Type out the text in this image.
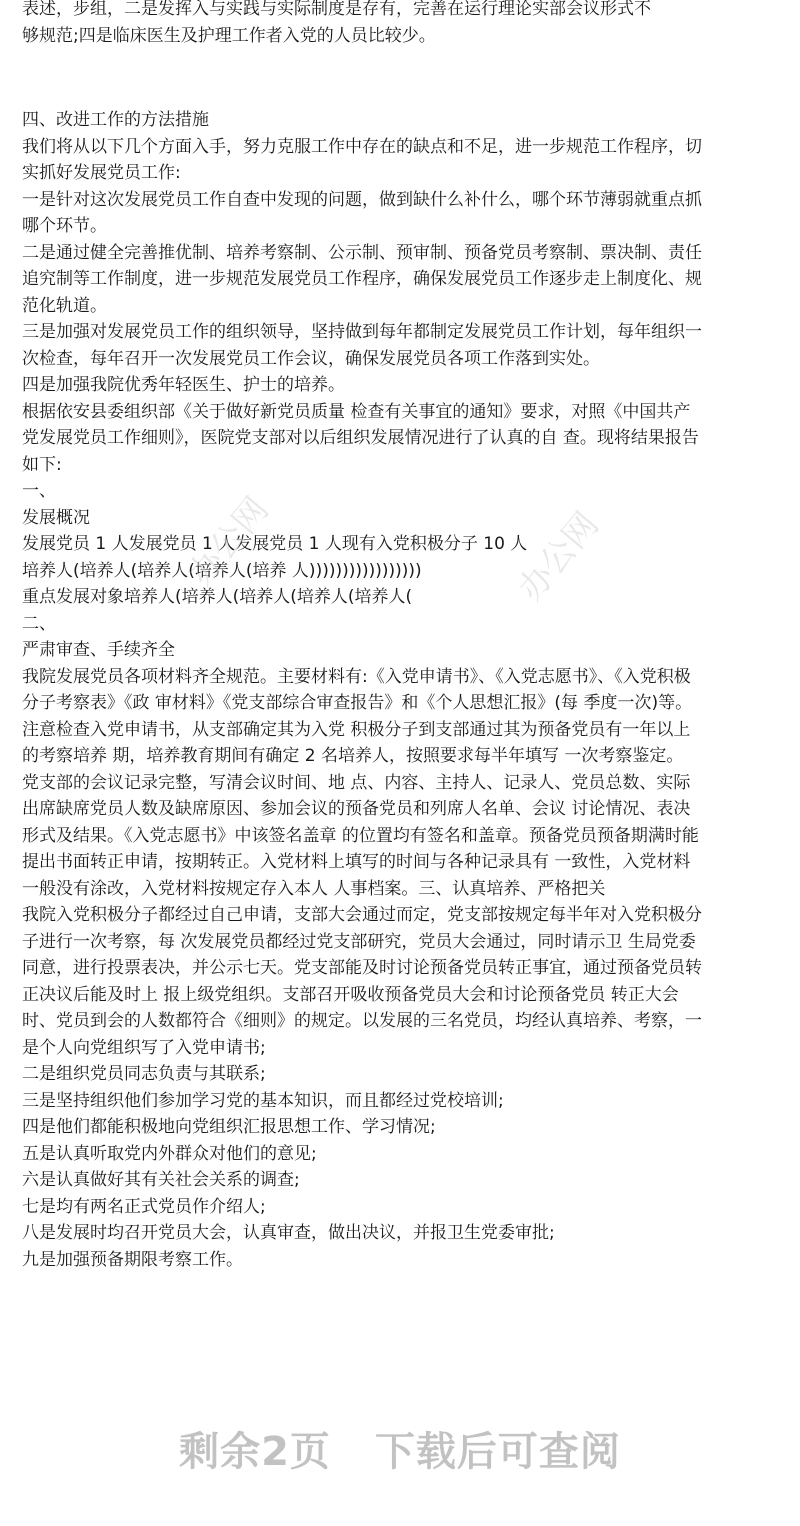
表述，步组，二是发挥入与实践与实际制度是存有，完善在运行理论实部会议形式不
够规范;四是临床医生及护理工作者入党的人员比较少。
四、改进工作的方法措施
我们将从以下几个方面入手，努力克服工作中存在的缺点和不足，进一步规范工作程序，切
实抓好发展党员工作:
一是针对这次发展党员工作自查中发现的问题，做到缺什么补什么，哪个环节薄弱就重点抓
哪个环节。
二是通过健全完善推优制、培养考察制、公示制、预审制、预备党员考察制、票决制、责任
追究制等工作制度，进一步规范发展党员工作程序，确保发展党员工作逐步走上制度化、规
范化轨道。
三是加强对发展党员工作的组织领导，坚持做到每年都制定发展党员工作计划，每年组织一
次检查，每年召开一次发展党员工作会议，确保发展党员各项工作落到实处。
四是加强我院优秀年轻医生、护士的培养。
根据依安县委组织部《关于做好新党员质量 检查有关事宜的通知》要求，对照《中国共产
党发展党员工作细则》，医院党支部对以后组织发展情况进行了认真的自 查。现将结果报告
如下:
一、
发展概况
发展党员 1 人发展党员 1 人发展党员 1 人现有入党积极分子 10 人
培养人(培养人(培养人(培养人(培养 人)))))))))))))))))
重点发展对象培养人(培养人(培养人(培养人(培养人(
二、
严肃审查、手续齐全
我院发展党员各项材料齐全规范。主要材料有:《入党申请书》、《入党志愿书》、《入党积极
分子考察表》《政 审材料》《党支部综合审查报告》和《个人思想汇报》(每 季度一次)等。
注意检查入党申请书，从支部确定其为入党 积极分子到支部通过其为预备党员有一年以上
的考察培养 期，培养教育期间有确定 2 名培养人，按照要求每半年填写 一次考察鉴定。
党支部的会议记录完整，写清会议时间、地 点、内容、主持人、记录人、党员总数、实际
出席缺席党员人数及缺席原因、参加会议的预备党员和列席人名单、会议 讨论情况、表决
形式及结果。《入党志愿书》中该签名盖章 的位置均有签名和盖章。预备党员预备期满时能
提出书面转正申请，按期转正。入党材料上填写的时间与各种记录具有 一致性，入党材料
一般没有涂改，入党材料按规定存入本人 人事档案。三、认真培养、严格把关
我院入党积极分子都经过自己申请，支部大会通过而定，党支部按规定每半年对入党积极分
子进行一次考察，每 次发展党员都经过党支部研究，党员大会通过，同时请示卫 生局党委
同意，进行投票表决，并公示七天。党支部能及时讨论预备党员转正事宜，通过预备党员转
正决议后能及时上 报上级党组织。支部召开吸收预备党员大会和讨论预备党员 转正大会
时、党员到会的人数都符合《细则》的规定。以发展的三名党员，均经认真培养、考察，一
是个人向党组织写了入党申请书;
二是组织党员同志负责与其联系;
三是坚持组织他们参加学习党的基本知识，而且都经过党校培训;
四是他们都能积极地向党组织汇报思想工作、学习情况;
五是认真听取党内外群众对他们的意见;
六是认真做好其有关社会关系的调查;
七是均有两名正式党员作介绍人;
八是发展时均召开党员大会，认真审查，做出决议，并报卫生党委审批;
九是加强预备期限考察工作。
办公网	办公网
剩余2页 下载后可查阅
